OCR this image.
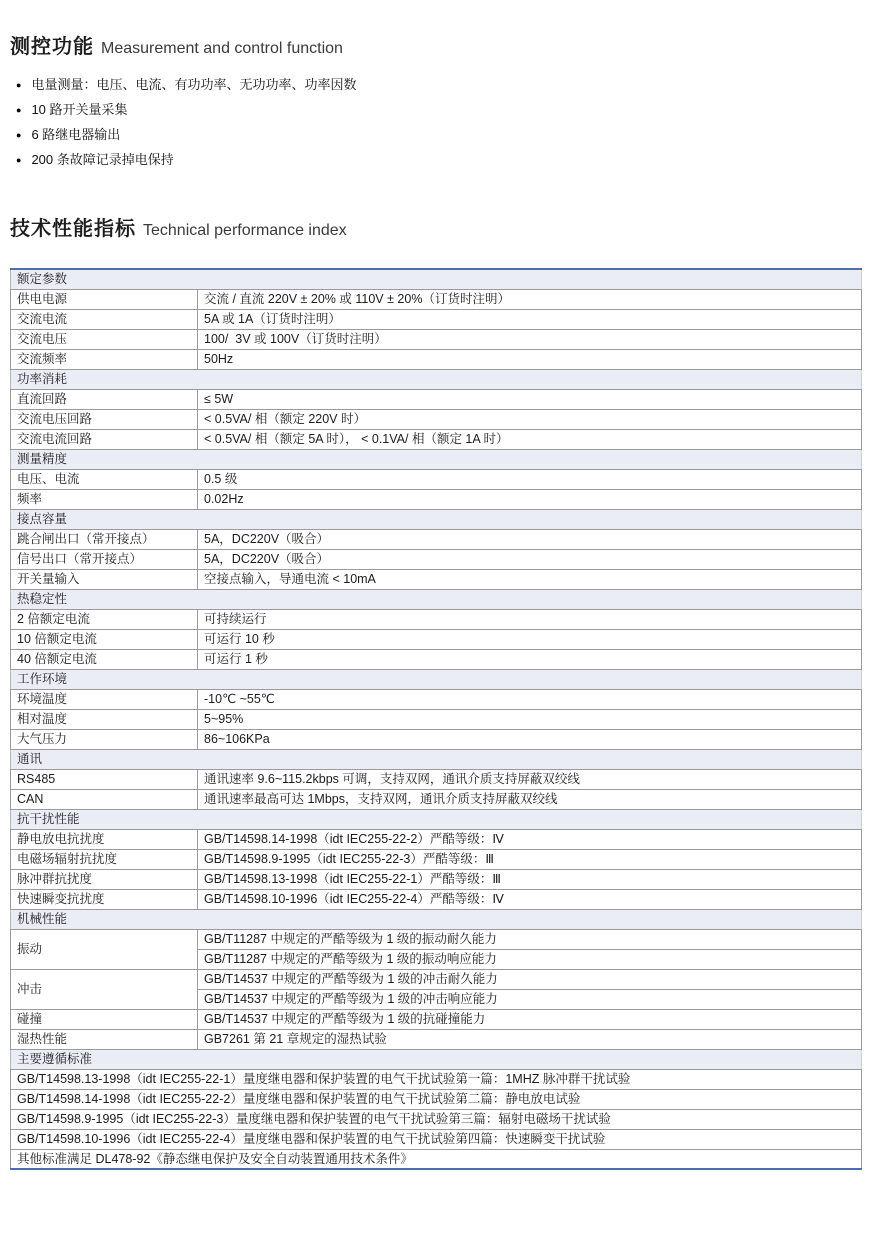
测控功能 Measurement and control function
● 电量测量：电压、电流、有功功率、无功功率、功率因数
● 10 路开关量采集
● 6 路继电器输出
● 200 条故障记录掉电保持
技术性能指标 Technical performance index
额定参数	
供电电源	交流 / 直流 220V ± 20% 或 110V ± 20%（订货时注明）
交流电流	5A 或 1A（订货时注明）
交流电压	100/  3V 或 100V（订货时注明）
交流频率	50Hz
功率消耗	
直流回路	≤ 5W
交流电压回路	< 0.5VA/ 相（额定 220V 时）
交流电流回路	< 0.5VA/ 相（额定 5A 时）， < 0.1VA/ 相（额定 1A 时）
测量精度	
电压、电流	0.5 级
频率	0.02Hz
接点容量	
跳合闸出口（常开接点）	5A，DC220V（吸合）
信号出口（常开接点）	5A，DC220V（吸合）
开关量输入	空接点输入，导通电流 < 10mA
热稳定性	
2 倍额定电流	可持续运行
10 倍额定电流	可运行 10 秒
40 倍额定电流	可运行 1 秒
工作环境	
环境温度	-10℃ ~55℃
相对温度	5~95%
大气压力	86~106KPa
通讯	
RS485	通讯速率 9.6~115.2kbps 可调，支持双网，通讯介质支持屏蔽双绞线
CAN	通讯速率最高可达 1Mbps，支持双网，通讯介质支持屏蔽双绞线
抗干扰性能	
静电放电抗扰度	GB/T14598.14-1998（idt IEC255-22-2）严酷等级：Ⅳ
电磁场辐射抗扰度	GB/T14598.9-1995（idt IEC255-22-3）严酷等级：Ⅲ
脉冲群抗扰度	GB/T14598.13-1998（idt IEC255-22-1）严酷等级：Ⅲ
快速瞬变抗扰度	GB/T14598.10-1996（idt IEC255-22-4）严酷等级：Ⅳ
机械性能	
振动	GB/T11287 中规定的严酷等级为 1 级的振动耐久能力
	GB/T11287 中规定的严酷等级为 1 级的振动响应能力
冲击	GB/T14537 中规定的严酷等级为 1 级的冲击耐久能力
	GB/T14537 中规定的严酷等级为 1 级的冲击响应能力
碰撞	GB/T14537 中规定的严酷等级为 1 级的抗碰撞能力
湿热性能	GB7261 第 21 章规定的湿热试验
主要遵循标准	
GB/T14598.13-1998（idt IEC255-22-1）量度继电器和保护装置的电气干扰试验第一篇：1MHZ 脉冲群干扰试验	
GB/T14598.14-1998（idt IEC255-22-2）量度继电器和保护装置的电气干扰试验第二篇：静电放电试验	
GB/T14598.9-1995（idt IEC255-22-3）量度继电器和保护装置的电气干扰试验第三篇：辐射电磁场干扰试验	
GB/T14598.10-1996（idt IEC255-22-4）量度继电器和保护装置的电气干扰试验第四篇：快速瞬变干扰试验	
其他标准满足 DL478-92《静态继电保护及安全自动装置通用技术条件》	
